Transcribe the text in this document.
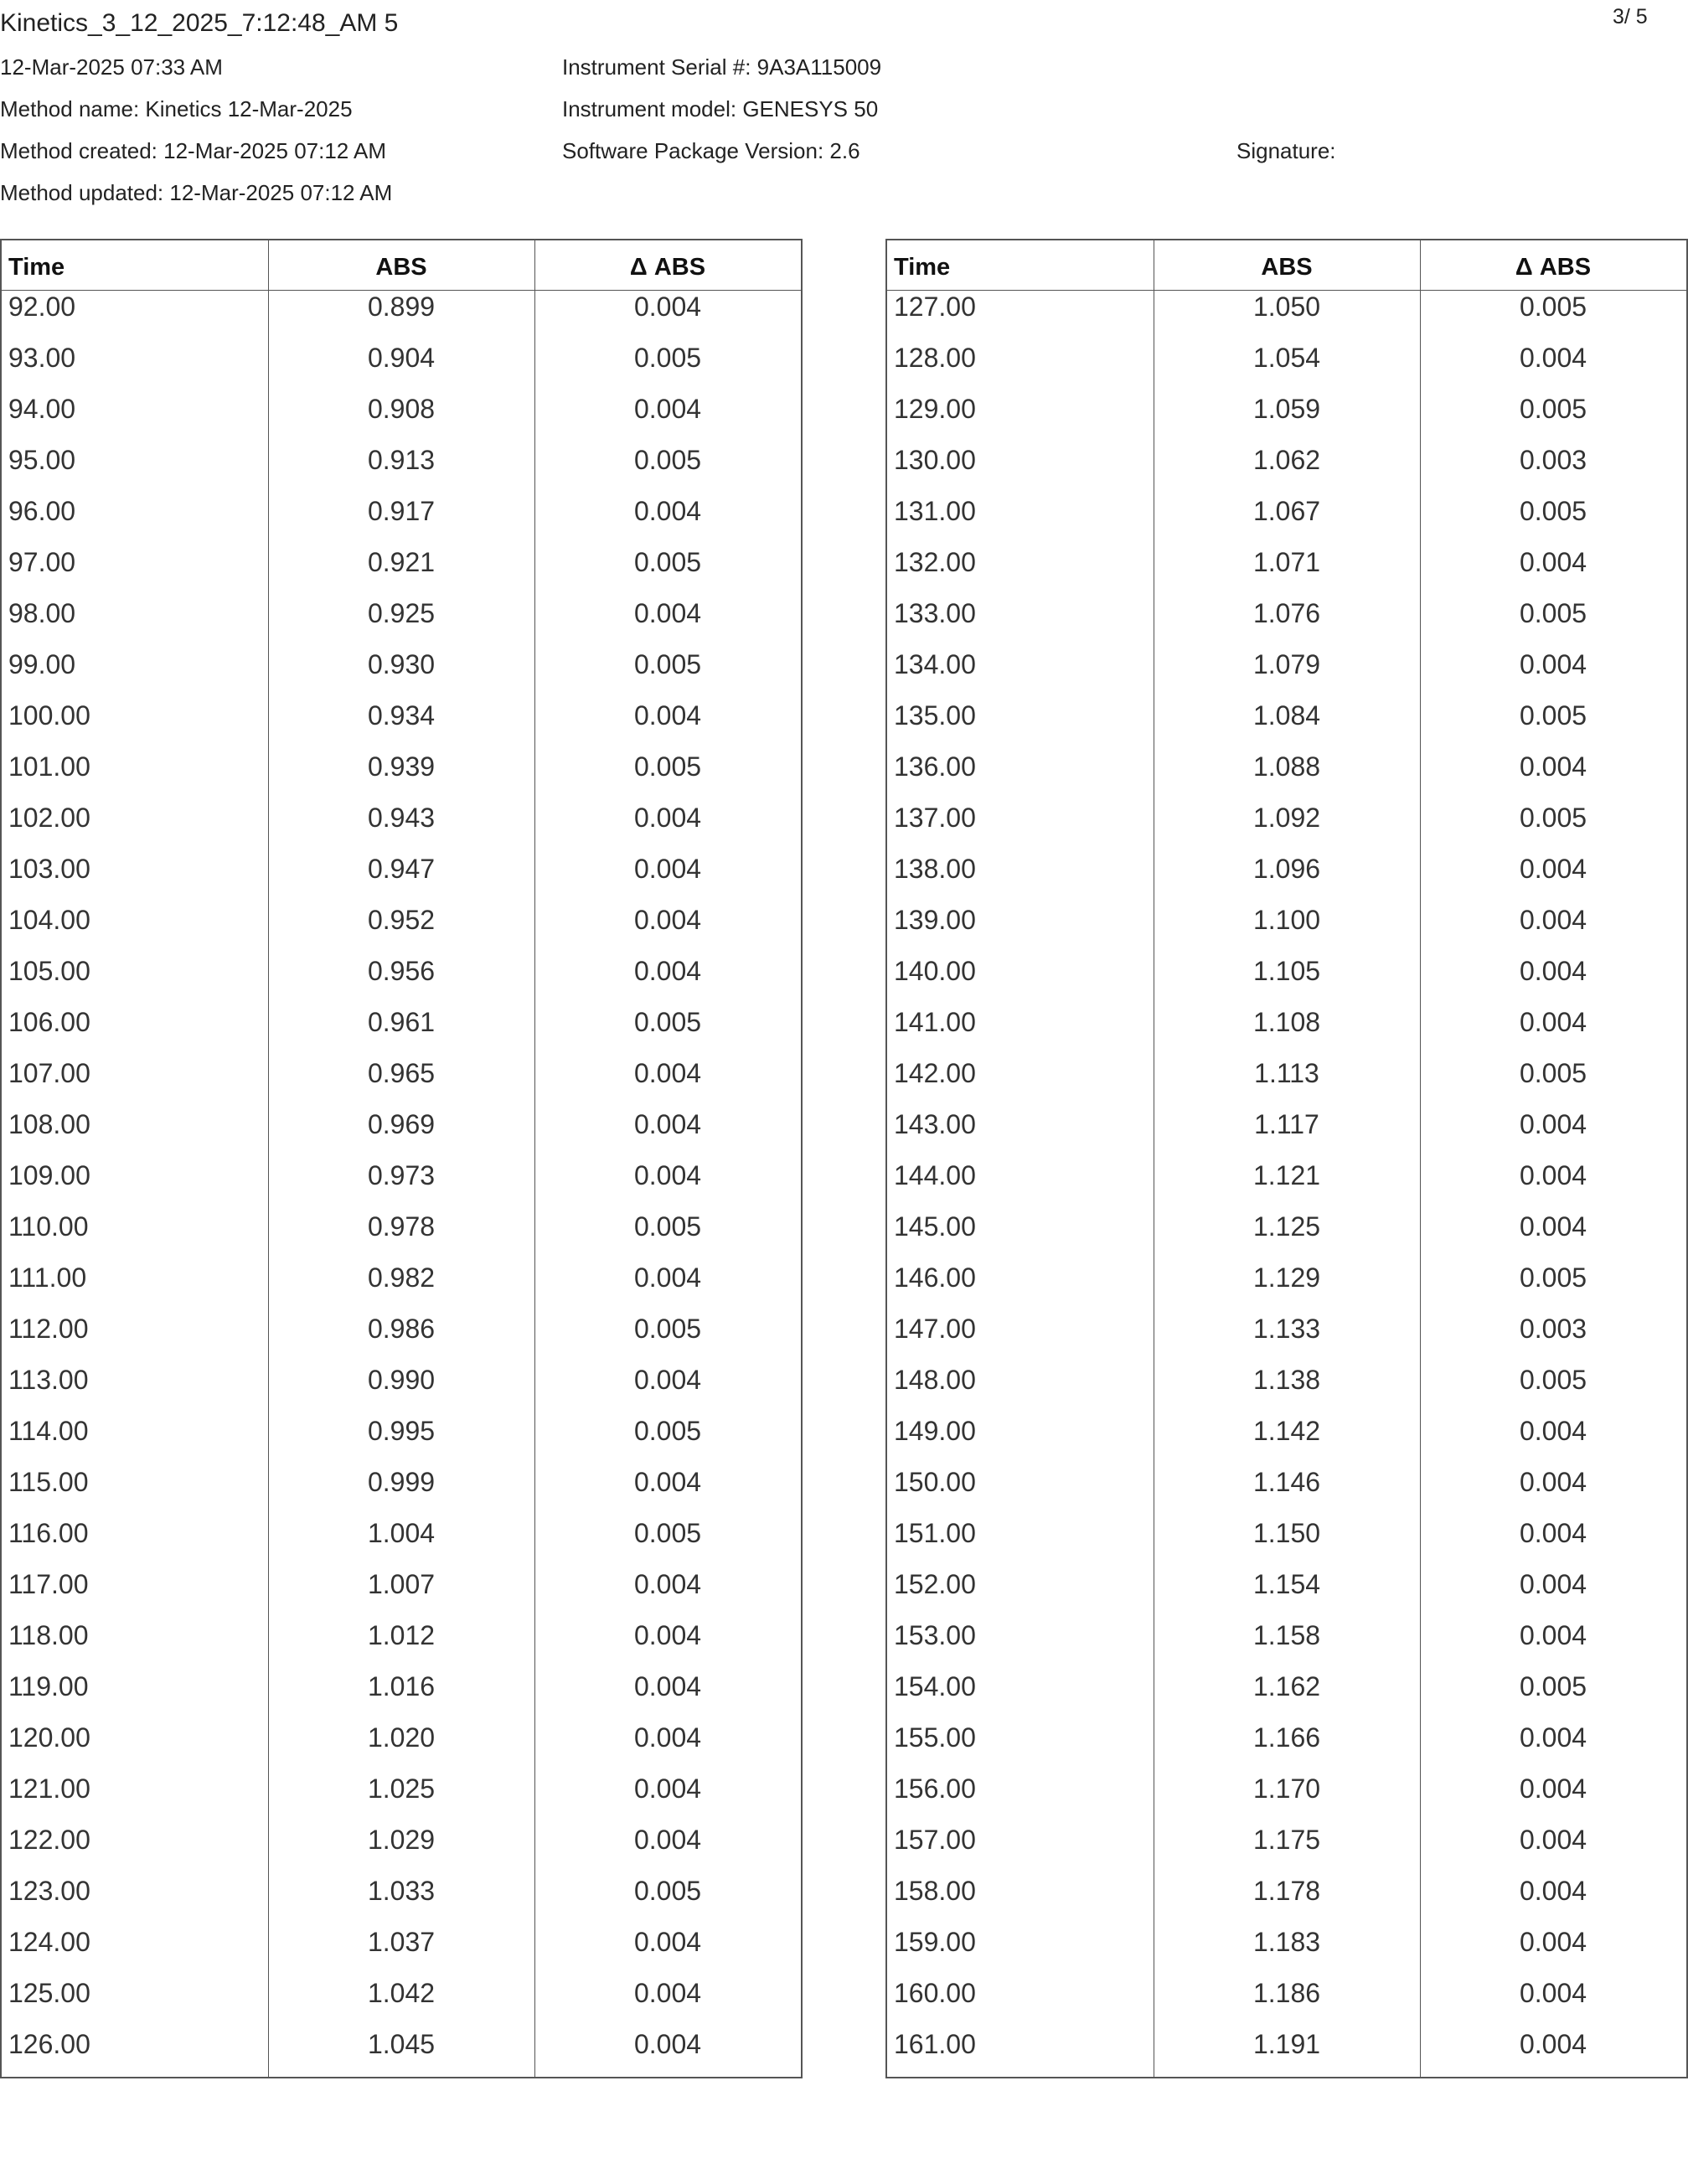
Kinetics_3_12_2025_7:12:48_AM 5	3/ 5
12-Mar-2025 07:33 AM
Method name: Kinetics 12-Mar-2025
Method created: 12-Mar-2025 07:12 AM
Method updated: 12-Mar-2025 07:12 AM
Instrument Serial #: 9A3A115009
Instrument model: GENESYS 50
Software Package Version: 2.6	Signature:
Time	ABS	Δ ABS
92.00	0.899	0.004
93.00	0.904	0.005
94.00	0.908	0.004
95.00	0.913	0.005
96.00	0.917	0.004
97.00	0.921	0.005
98.00	0.925	0.004
99.00	0.930	0.005
100.00	0.934	0.004
101.00	0.939	0.005
102.00	0.943	0.004
103.00	0.947	0.004
104.00	0.952	0.004
105.00	0.956	0.004
106.00	0.961	0.005
107.00	0.965	0.004
108.00	0.969	0.004
109.00	0.973	0.004
110.00	0.978	0.005
111.00	0.982	0.004
112.00	0.986	0.005
113.00	0.990	0.004
114.00	0.995	0.005
115.00	0.999	0.004
116.00	1.004	0.005
117.00	1.007	0.004
118.00	1.012	0.004
119.00	1.016	0.004
120.00	1.020	0.004
121.00	1.025	0.004
122.00	1.029	0.004
123.00	1.033	0.005
124.00	1.037	0.004
125.00	1.042	0.004
126.00	1.045	0.004
Time	ABS	Δ ABS
127.00	1.050	0.005
128.00	1.054	0.004
129.00	1.059	0.005
130.00	1.062	0.003
131.00	1.067	0.005
132.00	1.071	0.004
133.00	1.076	0.005
134.00	1.079	0.004
135.00	1.084	0.005
136.00	1.088	0.004
137.00	1.092	0.005
138.00	1.096	0.004
139.00	1.100	0.004
140.00	1.105	0.004
141.00	1.108	0.004
142.00	1.113	0.005
143.00	1.117	0.004
144.00	1.121	0.004
145.00	1.125	0.004
146.00	1.129	0.005
147.00	1.133	0.003
148.00	1.138	0.005
149.00	1.142	0.004
150.00	1.146	0.004
151.00	1.150	0.004
152.00	1.154	0.004
153.00	1.158	0.004
154.00	1.162	0.005
155.00	1.166	0.004
156.00	1.170	0.004
157.00	1.175	0.004
158.00	1.178	0.004
159.00	1.183	0.004
160.00	1.186	0.004
161.00	1.191	0.004
